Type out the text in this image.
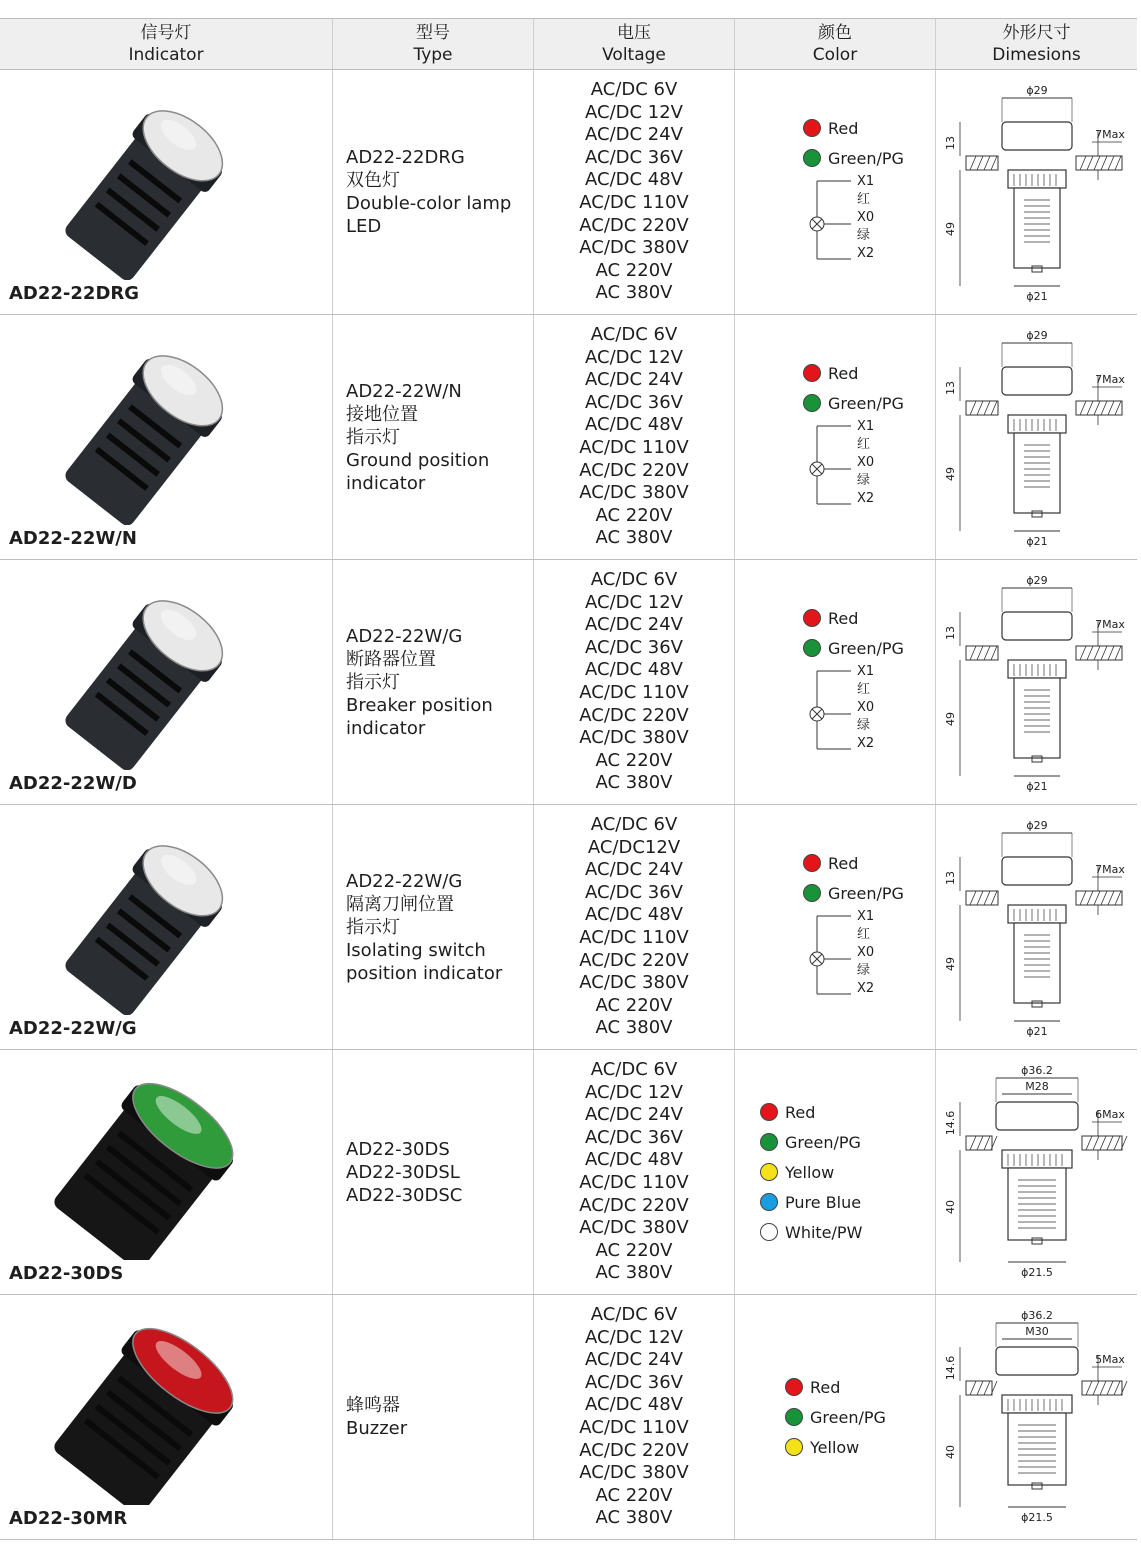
信号灯
Indicator
型号
Type
电压
Voltage
颜色
Color
外形尺寸
Dimesions
AD22-22DRG
AD22-22DRG
双色灯
Double-color lamp
LED
AC/DC 6V
AC/DC 12V
AC/DC 24V
AC/DC 36V
AC/DC 48V
AC/DC 110V
AC/DC 220V
AC/DC 380V
AC 220V
AC 380V
Red
Green/PG
X1
红
X0
绿
X2
ϕ29
ϕ21
7Max
13
49
AD22-22W/N
AD22-22W/N
接地位置
指示灯
Ground position
indicator
AC/DC 6V
AC/DC 12V
AC/DC 24V
AC/DC 36V
AC/DC 48V
AC/DC 110V
AC/DC 220V
AC/DC 380V
AC 220V
AC 380V
Red
Green/PG
X1
红
X0
绿
X2
ϕ29
ϕ21
7Max
13
49
AD22-22W/D
AD22-22W/G
断路器位置
指示灯
Breaker position
indicator
AC/DC 6V
AC/DC 12V
AC/DC 24V
AC/DC 36V
AC/DC 48V
AC/DC 110V
AC/DC 220V
AC/DC 380V
AC 220V
AC 380V
Red
Green/PG
X1
红
X0
绿
X2
ϕ29
ϕ21
7Max
13
49
AD22-22W/G
AD22-22W/G
隔离刀闸位置
指示灯
Isolating switch
position indicator
AC/DC 6V
AC/DC12V
AC/DC 24V
AC/DC 36V
AC/DC 48V
AC/DC 110V
AC/DC 220V
AC/DC 380V
AC 220V
AC 380V
Red
Green/PG
X1
红
X0
绿
X2
ϕ29
ϕ21
7Max
13
49
AD22-30DS
AD22-30DS
AD22-30DSL
AD22-30DSC
AC/DC 6V
AC/DC 12V
AC/DC 24V
AC/DC 36V
AC/DC 48V
AC/DC 110V
AC/DC 220V
AC/DC 380V
AC 220V
AC 380V
Red
Green/PG
Yellow
Pure Blue
White/PW
ϕ36.2
M28
ϕ21.5
6Max
14.6
40
AD22-30MR
蜂鸣器
Buzzer
AC/DC 6V
AC/DC 12V
AC/DC 24V
AC/DC 36V
AC/DC 48V
AC/DC 110V
AC/DC 220V
AC/DC 380V
AC 220V
AC 380V
Red
Green/PG
Yellow
ϕ36.2
M30
ϕ21.5
5Max
14.6
40
